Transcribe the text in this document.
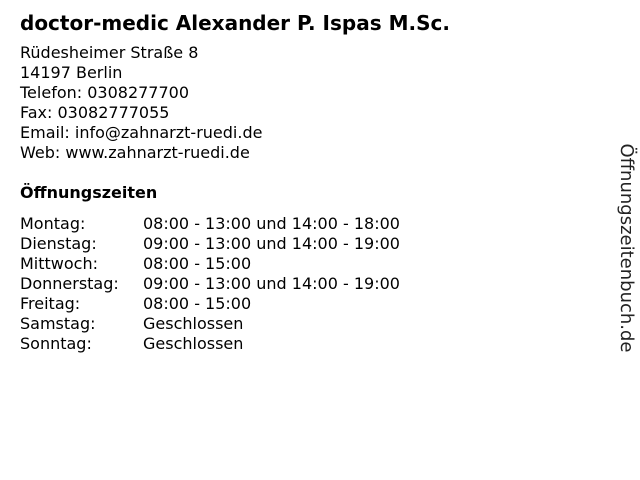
doctor-medic Alexander P. Ispas M.Sc.
Rüdesheimer Straße 8
14197 Berlin
Telefon: 0308277700
Fax: 03082777055
Email: info@zahnarzt-ruedi.de
Web: www.zahnarzt-ruedi.de
Öffnungszeiten
Montag:	08:00 - 13:00 und 14:00 - 18:00
Dienstag:	09:00 - 13:00 und 14:00 - 19:00
Mittwoch:	08:00 - 15:00
Donnerstag: 09:00 - 13:00 und 14:00 - 19:00
Freitag:	08:00 - 15:00
Samstag:	Geschlossen
Sonntag:	Geschlossen	Öffnungszeitenbuch.de
